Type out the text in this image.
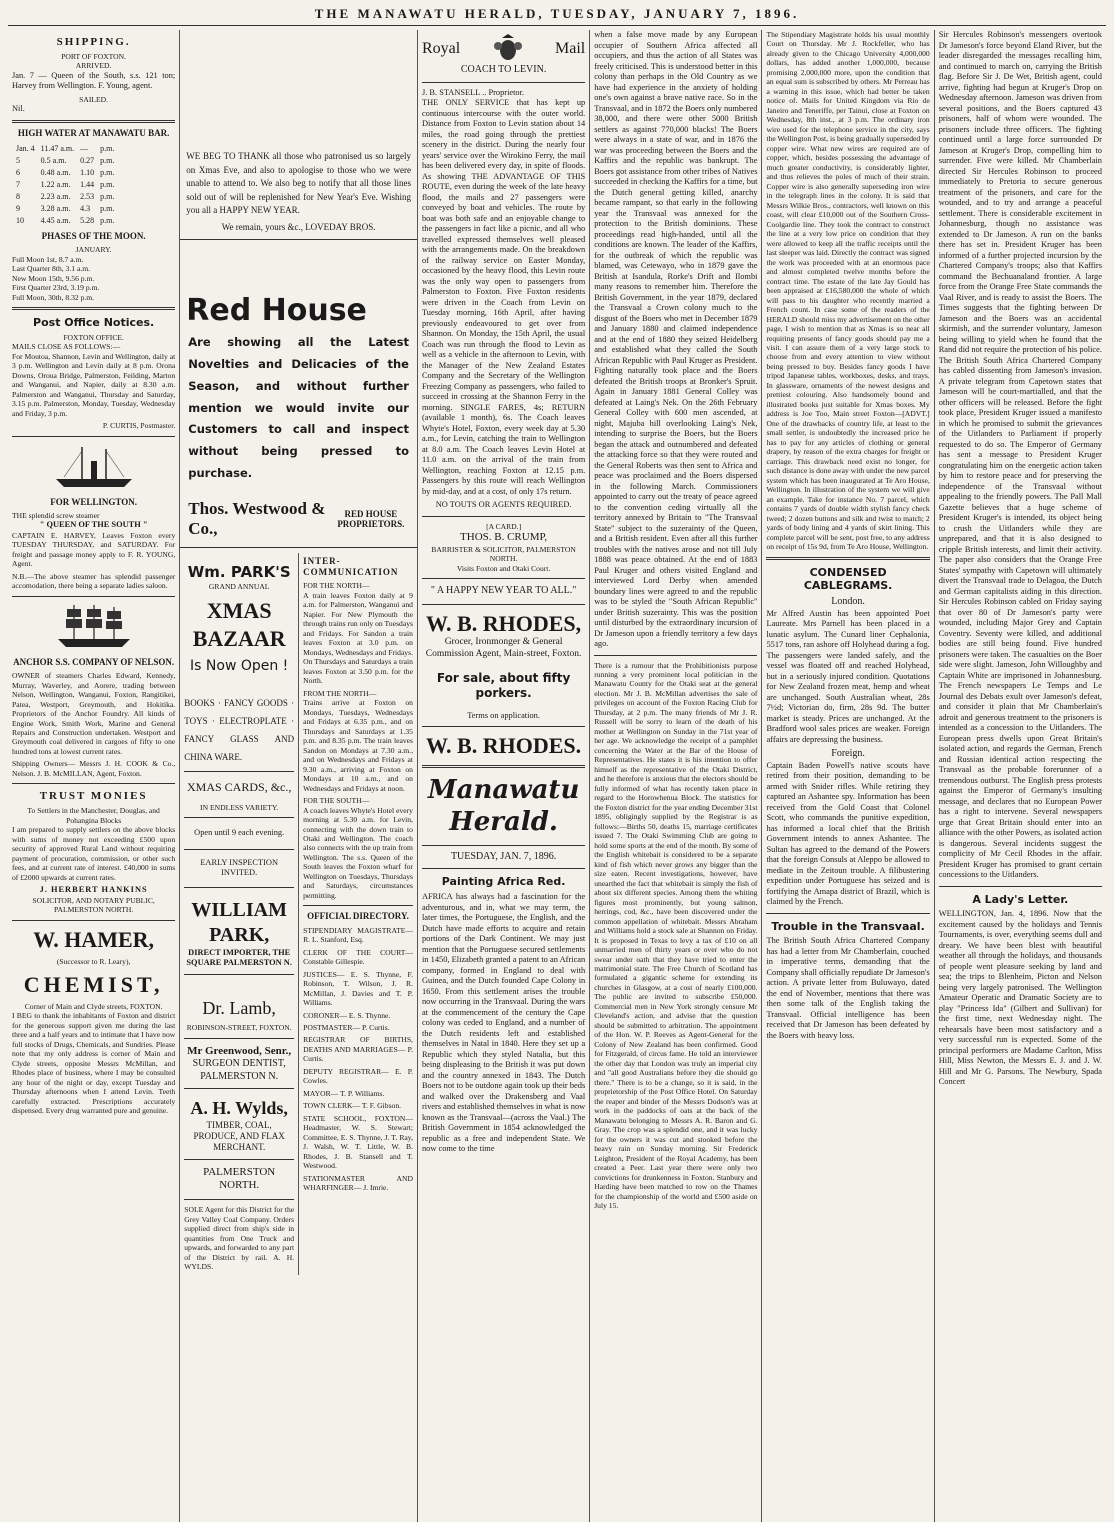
THE MANAWATU HERALD, TUESDAY, JANUARY 7, 1896.
SHIPPING.
PORT OF FOXTON.
ARRIVED.

Jan. 7 — Queen of the South, s.s. 121 ton; Harvey from Wellington. F. Young, agent.

SAILED.

Nil.

HIGH WATER AT MANAWATU BAR.
Jan. 4	11.47 a.m.	—	p.m.
5	0.5 a.m.	0.27	p.m.
6	0.48 a.m.	1.10	p.m.
7	1.22 a.m.	1.44	p.m.
8	2.23 a.m.	2.53	p.m.
9	3.28 a.m.	4.3	p.m.
10	4.45 a.m.	5.28	p.m.
PHASES OF THE MOON.
JANUARY.
Full Moon 1st, 8.7 a.m.
Last Quarter 8th, 3.1 a.m.
New Moon 15th, 9.56 p.m.
First Quarter 23rd, 3.19 p.m.
Full Moon, 30th, 8.32 p.m.
Post Office Notices.
FOXTON OFFICE.
MAILS CLOSE AS FOLLOWS:—

For Moutoa, Shannon, Levin and Wellington, daily at 3 p.m. Wellington and Levin daily at 8 p.m. Orona Downs, Oroua Bridge, Palmerston, Feilding, Marton and Wanganui, and Napier, daily at 8.30 a.m. Palmerston and Wanganui, Thursday and Saturday, 3.15 p.m. Palmerston, Monday, Tuesday, Wednesday and Friday, 3 p.m.

P. CURTIS, Postmaster.
FOR WELLINGTON.
THE splendid screw steamer
" QUEEN OF THE SOUTH "

CAPTAIN E. HARVEY, Leaves Foxton every TUESDAY THURSDAY, and SATURDAY. For freight and passage money apply to F. R. YOUNG, Agent.

N.B.—The above steamer has splendid passenger accomodation, there being a separate ladies saloon.

ANCHOR S.S. COMPANY OF NELSON.

OWNER of steamers Charles Edward, Kennedy, Murray, Waverley, and Aorere, trading between Nelson, Wellington, Wanganui, Foxton, Rangitikei, Patea, Westport, Greymouth, and Hokitika. Proprietors of the Anchor Foundry. All kinds of Engine Work, Smith Work, Marine and General Repairs and Construction undertaken. Westport and Greymouth coal delivered in cargoes of fifty to one hundred tons at lowest current rates.

Shipping Owners— Messrs J. H. COOK & Co., Nelson. J. B. McMILLAN, Agent, Foxton.

TRUST MONIES
To Settlers in the Manchester, Douglas, and Pohangina Blocks

I am prepared to supply settlers on the above blocks with sums of money not exceeding £500 upon security of approved Rural Land without requiring payment of procuration, commission, or other such fees, and at current rate of interest. £40,000 in sums of £2000 upwards at current rates.

J. HERBERT HANKINS
SOLICITOR, AND NOTARY PUBLIC, PALMERSTON NORTH.
W. HAMER,
(Successor to R. Leary),
CHEMIST,
Corner of Main and Clyde streets, FOXTON.

I BEG to thank the inhabitants of Foxton and district for the generous support given me during the last three and a half years and to intimate that I have now full stocks of Drugs, Chemicals, and Sundries. Please note that my only address is corner of Main and Clyde streets, opposite Messrs McMillan, and Rhodes place of business, where I may be consulted any hour of the night or day, except Tuesday and Thursday afternoons when I attend Levin. Teeth carefully extracted. Prescriptions accurately dispensed. Every drug warranted pure and genuine.

WE BEG TO THANK all those who patronised us so largely on Xmas Eve, and also to apologise to those who we were unable to attend to. We also beg to notify that all those lines sold out of will be replenished for New Year's Eve. Wishing you all a HAPPY NEW YEAR.

We remain, yours &c., LOVEDAY BROS.
Red House

Are showing all the Latest Novelties and Delicacies of the Season, and without further mention we would invite our Customers to call and inspect without being pressed to purchase.

Thos. Westwood & Co.,
RED HOUSE PROPRIETORS.
Wm. PARK'S
GRAND ANNUAL
XMAS BAZAAR
Is Now Open !

BOOKS · FANCY GOODS · TOYS · ELECTROPLATE · FANCY GLASS AND CHINA WARE.

XMAS CARDS, &c.,
IN ENDLESS VARIETY.
Open until 9 each evening.
EARLY INSPECTION INVITED.
WILLIAM PARK,
DIRECT IMPORTER, THE SQUARE PALMERSTON N.
Dr. Lamb,
ROBINSON-STREET, FOXTON.
Mr Greenwood, Senr.,
SURGEON DENTIST, PALMERSTON N.
A. H. Wylds,
TIMBER, COAL, PRODUCE, AND FLAX MERCHANT.
PALMERSTON NORTH.

SOLE Agent for this District for the Grey Valley Coal Company. Orders supplied direct from ship's side in quantities from One Truck and upwards, and forwarded to any part of the District by rail. A. H. WYLDS.

INTER-COMMUNICATION
FOR THE NORTH—

A train leaves Foxton daily at 9 a.m. for Palmerston, Wanganui and Napier. For New Plymouth the through trains run only on Tuesdays and Fridays. For Sandon a train leaves Foxton at 3.0 p.m. on Mondays, Wednesdays and Fridays. On Thursdays and Saturdays a train leaves Foxton at 3.50 p.m. for the North.

FROM THE NORTH—

Trains arrive at Foxton on Mondays, Tuesdays, Wednesdays and Fridays at 6.35 p.m., and on Thursdays and Saturdays at 1.35 p.m. and 8.35 p.m. The train leaves Sandon on Mondays at 7.30 a.m., and on Wednesdays and Fridays at 9.30 a.m., arriving at Foxton on Mondays at 10 a.m., and on Wednesdays and Fridays at noon.

FOR THE SOUTH—

A coach leaves Whyte's Hotel every morning at 5.30 a.m. for Levin, connecting with the down train to Otaki and Wellington. The coach also connects with the up train from Wellington. The s.s. Queen of the South leaves the Foxton wharf for Wellington on Tuesdays, Thursdays and Saturdays, circumstances permitting.

OFFICIAL DIRECTORY.

STIPENDIARY MAGISTRATE— R. L. Stanford, Esq.

CLERK OF THE COURT— Constable Gillespie.

JUSTICES— E. S. Thynne, F. Robinson, T. Wilson, J. R. McMillan, J. Davies and T. P. Williams.

CORONER— E. S. Thynne.

POSTMASTER— P. Curtis.

REGISTRAR OF BIRTHS, DEATHS AND MARRIAGES— P. Curtis.

DEPUTY REGISTRAR— E. P. Cowles.

MAYOR— T. P. Williams.

TOWN CLERK— T. F. Gibson.

STATE SCHOOL, FOXTON— Headmaster, W. S. Stewart; Committee, E. S. Thynne, J. T. Ray, J. Walsh, W. T. Little, W. B. Rhodes, J. B. Stansell and T. Westwood.

STATIONMASTER AND WHARFINGER— J. Imrie.

Royal	Mail
COACH TO LEVIN.
J. B. STANSELL .. Proprietor.

THE ONLY SERVICE that has kept up continuous intercourse with the outer world. Distance from Foxton to Levin station about 14 miles, the road going through the prettiest scenery in the district. During the nearly four years' service over the Wirokino Ferry, the mail has been delivered every day, in spite of floods. As showing THE ADVANTAGE OF THIS ROUTE, even during the week of the late heavy flood, the mails and 27 passengers were conveyed by boat and vehicles. The route by boat was both safe and an enjoyable change to the passengers in fact like a picnic, and all who travelled expressed themselves well pleased with the arrangements made. On the breakdown of the railway service on Easter Monday, occasioned by the heavy flood, this Levin route was the only way open to passengers from Palmerston to Foxton. Five Foxton residents were driven in the Coach from Levin on Tuesday morning, 16th April, after having previously endeavoured to get over from Shannon. On Monday, the 15th April, the usual Coach was run through the flood to Levin as well as a vehicle in the afternoon to Levin, with the Manager of the New Zealand Estates Company and the Secretary of the Wellington Freezing Company as passengers, who failed to succeed in crossing at the Shannon Ferry in the morning. SINGLE FARES, 4s; RETURN (available 1 month), 6s. The Coach leaves Whyte's Hotel, Foxton, every week day at 5.30 a.m., for Levin, catching the train to Wellington at 8.0 a.m. The Coach leaves Levin Hotel at 11.0 a.m. on the arrival of the train from Wellington, reaching Foxton at 12.15 p.m. Passengers by this route will reach Wellington by mid-day, and at a cost, of only 17s return.

NO TOUTS OR AGENTS REQUIRED.
[A CARD.]
THOS. B. CRUMP,
BARRISTER & SOLICITOR, PALMERSTON NORTH.
Visits Foxton and Otaki Court.
" A HAPPY NEW YEAR TO ALL."
W. B. RHODES,
Grocer, Ironmonger & General Commission Agent, Main-street, Foxton.
For sale, about fifty porkers.
Terms on application.
W. B. RHODES.
Manawatu Herald.
TUESDAY, JAN. 7, 1896.
Painting Africa Red.

AFRICA has always had a fascination for the adventurous, and in, what we may term, the later times, the Portuguese, the English, and the Dutch have made efforts to acquire and retain portions of the Dark Continent. We may just mention that the Portuguese secured settlements in 1450, Elizabeth granted a patent to an African company, formed in England to deal with Guinea, and the Dutch founded Cape Colony in 1650. From this settlement arises the trouble now occurring in the Transvaal. During the wars at the commencement of the century the Cape colony was ceded to England, and a number of the Dutch residents left and established themselves in Natal in 1840. Here they set up a Republic which they styled Natalia, but this being displeasing to the British it was put down and the country annexed in 1843. The Dutch Boers not to be outdone again took up their beds and walked over the Drakensberg and Vaal rivers and established themselves in what is now known as the Transvaal—(across the Vaal.) The British Government in 1854 acknowledged the republic as a free and independent State. We now come to the time

when a false move made by any European occupier of Southern Africa affected all occupiers, and thus the action of all States was freely criticised. This is understood better in this colony than perhaps in the Old Country as we have had experience in the anxiety of holding one's own against a brave native race. So in the Transvaal, and in 1872 the Boers only numbered 38,000, and there were other 5000 British settlers as against 770,000 blacks! The Boers were always in a state of war, and in 1876 the war was proceeding between the Boers and the Kaffirs and the republic was bankrupt. The Boers got assistance from other tribes of Natives succeeded in checking the Kaffirs for a time, but the Dutch general getting killed, anarchy became rampant, so that early in the following year the Transvaal was annexed for the protection to the British dominions. These proceedings read high-handed, until all the conditions are known. The leader of the Kaffirs, for the outbreak of which the republic was blamed, was Cetewayo, who in 1879 gave the British at Isandula, Rorke's Drift and Ilombi many reasons to remember him. Therefore the British Government, in the year 1879, declared the Transvaal a Crown colony much to the disgust of the Boers who met in December 1879 and January 1880 and claimed independence and at the end of 1880 they seized Heidelberg and established what they called the South African Republic with Paul Kruger as President. Fighting naturally took place and the Boers defeated the British troops at Bronker's Spruit. Again in January 1881 General Colley was defeated at Laing's Nek. On the 26th February General Colley with 600 men ascended, at night, Majuba hill overlooking Laing's Nek, intending to surprise the Boers, but the Boers began the attack and outnumbered and defeated the attacking force so that they were routed and the General Roberts was then sent to Africa and peace was proclaimed and the Boers dispersed in the following March. Commissioners appointed to carry out the treaty of peace agreed to the convention ceding virtually all the territory annexed by Britain to "The Transvaal State" subject to the suzerainty of the Queen, and a British resident. Even after all this further troubles with the natives arose and not till July 1888 was peace obtained. At the end of 1883 Paul Kruger and others visited England and interviewed Lord Derby when amended boundary lines were agreed to and the republic was to be styled the "South African Republic" under British suzerainty. This was the position until disturbed by the extraordinary incursion of Dr Jameson upon a friendly territory a few days ago.

There is a rumour that the Prohibitionists purpose running a very prominent local politician in the Manawatu County for the Otaki seat at the general election. Mr J. B. McMillan advertises the sale of privileges on account of the Foxton Racing Club for Thursday, at 2 p.m. The many friends of Mr J. R. Russell will be sorry to learn of the death of his mother at Wellington on Sunday in the 71st year of her age. We acknowledge the receipt of a pamphlet concerning the Water at the Bar of the House of Representatives. He states it is his intention to offer himself as the representative of the Otaki District, and he therefore is anxious that the electors should be fully informed of what has recently taken place in regard to the Horowhenua Block. The statistics for the Foxton district for the year ending December 31st 1895, obligingly supplied by the Registrar is as follows:—Births 50, deaths 15, marriage certificates issued 7. The Otaki Swimming Club are going to hold some sports at the end of the month. By some of the English whitebait is considered to be a separate kind of fish which never grows any bigger than the size eaten. Recent investigations, however, have unearthed the fact that whitebait is simply the fish of about six different species. Among them the whiting figures most prominently, but young salmon, herrings, cod, &c., have been discovered under the common appellation of whitebait. Messrs Abraham and Williams hold a stock sale at Shannon on Friday. It is proposed in Texas to levy a tax of £10 on all unmarried men of thirty years or over who do not swear under oath that they have tried to enter the matrimonial state. The Free Church of Scotland has formulated a gigantic scheme for extending its churches in Glasgow, at a cost of nearly £100,000. The public are invited to subscribe £50,000. Commercial men in New York strongly censure Mr Cleveland's action, and advise that the question should be submitted to arbitration. The appointment of the Hon. W. P. Reeves as Agent-General for the Colony of New Zealand has been confirmed. Good for Fitzgerald, of circus fame. He told an interviewer the other day that London was truly an imperial city and "all good Australians before they die should go there." There is to be a change, so it is said, in the proprietorship of the Post Office Hotel. On Saturday the reaper and binder of the Messrs Dodson's was at work in the paddocks of oats at the back of the Manawatu belonging to Messrs A. R. Baron and G. Gray. The crop was a splendid one, and it was lucky for the owners it was cut and stooked before the heavy rain on Sunday morning. Sir Frederick Leighton, President of the Royal Academy, has been created a Peer. Last year there were only two convictions for drunkenness in Foxton. Stanbury and Harding have been matched to row on the Thames for the championship of the world and £500 aside on July 15.

The Stipendiary Magistrate holds his usual monthly Court on Thursday. Mr J. Rockfeller, who has already given to the Chicago University 4,000,000 dollars, has added another 1,000,000, because promising 2,000,000 more, upon the condition that an equal sum is subscribed by others. Mr Perreau has a warning in this issue, which had better be taken notice of. Mails for United Kingdom via Rio de Janeiro and Teneriffe, per Tainui, close at Foxton on Wednesday, 8th inst., at 3 p.m. The ordinary iron wire used for the telephone service in the city, says the Wellington Post, is being gradually superseded by copper wire. What new wires are required are of copper, which, besides possessing the advantage of much greater conductivity, is considerably lighter, and thus relieves the poles of much of their strain. Copper wire is also generally superseding iron wire in the telegraph lines in the colony. It is said that Messrs Wilkie Bros., contractors, well known on this coast, will clear £10,000 out of the Southern Cross-Coolgardie line. They took the contract to construct the line at a very low price on condition that they were allowed to keep all the traffic receipts until the last sleeper was laid. Directly the contract was signed the work was proceeded with at an enormous pace and almost completed twelve months before the contract time. The estate of the late Jay Gould has been appraised at £16,580,000 the whole of which will pass to his daughter who recently married a French count. In case some of the readers of the HERALD should miss my advertisement on the other page, I wish to mention that as Xmas is so near all requiring presents of fancy goods should pay me a visit. I can assure them of a very large stock to choose from and every attention to view without being pressed to buy. Besides fancy goods I have tripod Japanese tables, workboxes, desks, and trays. In glassware, ornaments of the newest designs and prettiest colouring. Also handsomely bound and illustrated books just suitable for Xmas boxes. My address is Joe Too, Main street Foxton—[ADVT.] One of the drawbacks of country life, at least to the small settler, is undoubtedly the increased price he has to pay for any articles of clothing or general drapery, by reason of the extra charges for freight or carriage. This drawback need exist no longer, for such distance is done away with under the new parcel system which has been inaugurated at Te Aro House, Wellington. In illustration of the system we will give an example. Take for instance No. 7 parcel, which contains 7 yards of double width stylish fancy check tweed; 2 dozen buttons and silk and twist to match; 2 yards of body lining and 4 yards of skirt lining. This complete parcel will be sent, post free, to any address on receipt of 15s 9d, from Te Aro House, Wellington.

CONDENSED CABLEGRAMS.
London.

Mr Alfred Austin has been appointed Poet Laureate. Mrs Parnell has been placed in a lunatic asylum. The Cunard liner Cephalonia, 5517 tons, ran ashore off Holyhead during a fog. The passengers were landed safely, and the vessel was floated off and reached Holyhead, but in a seriously injured condition. Quotations for New Zealand frozen meat, hemp and wheat are unchanged. South Australian wheat, 28s 7½d; Victorian do, firm, 28s 9d. The butter market is steady. Prices are unchanged. At the Bradford wool sales prices are weaker. Foreign affairs are depressing the business.

Foreign.

Captain Baden Powell's native scouts have retired from their position, demanding to be armed with Snider rifles. While retiring they captured an Ashantee spy. Information has been received from the Gold Coast that Colonel Scott, who commands the punitive expedition, has informed a local chief that the British Government intends to annex Ashantee. The Sultan has agreed to the demand of the Powers that the foreign Consuls at Aleppo be allowed to mediate in the Zeitoun trouble. A filibustering expedition under Portuguese has seized and is fortifying the Amapa district of Brazil, which is claimed by the French.

Trouble in the Transvaal.

The British South Africa Chartered Company has had a letter from Mr Chamberlain, couched in imperative terms, demanding that the Company shall officially repudiate Dr Jameson's action. A private letter from Buluwayo, dated the end of November, mentions that there was then some talk of the English taking the Transvaal. Official intelligence has been received that Dr Jameson has been defeated by the Boers with heavy loss.

Sir Hercules Robinson's messengers overtook Dr Jameson's force beyond Eland River, but the leader disregarded the messages recalling him, and continued to march on, carrying the British flag. Before Sir J. De Wet, British agent, could arrive, fighting had begun at Kruger's Drop on Wednesday afternoon. Jameson was driven from several positions, and the Boers captured 43 prisoners, half of whom were wounded. The prisoners include three officers. The fighting continued until a large force surrounded Dr Jameson at Kruger's Drop, compelling him to surrender. Five were killed. Mr Chamberlain directed Sir Hercules Robinson to proceed immediately to Pretoria to secure generous treatment of the prisoners, and care for the wounded, and to try and arrange a peaceful settlement. There is considerable excitement in Johannesburg, though no assistance was extended to Dr Jameson. A run on the banks there has set in. President Kruger has been informed of a further projected incursion by the Chartered Company's troops; also that Kaffirs command the Bechuanaland frontier. A large force from the Orange Free State commands the Vaal River, and is ready to assist the Boers. The Times suggests that the fighting between Dr Jameson and the Boers was an accidental skirmish, and the surrender voluntary, Jameson being willing to yield when he found that the Rand did not require the protection of his police. The British South Africa Chartered Company has cabled dissenting from Jameson's invasion. A private telegram from Capetown states that Jameson will be court-martialled, and that the other officers will be released. Before the fight took place, President Kruger issued a manifesto in which he promised to submit the grievances of the Uitlanders to Parliament if properly requested to do so. The Emperor of Germany has sent a message to President Kruger congratulating him on the energetic action taken by him to restore peace and for preserving the independence of the Transvaal without appealing to the friendly powers. The Pall Mall Gazette believes that a huge scheme of President Kruger's is intended, its object being to crush the Uitlanders while they are unprepared, and that it is also designed to cripple British interests, and limit their activity. The paper also considers that the Orange Free States' sympathy with Capetown will ultimately divert the Transvaal trade to Delagoa, the Dutch and German capitalists aiding in this direction. Sir Hercules Robinson cabled on Friday saying that over 80 of Dr Jameson's party were wounded, including Major Grey and Captain Coventry. Seventy were killed, and additional bodies are still being found. Five hundred prisoners were taken. The casualties on the Boer side were slight. Jameson, John Willoughby and Captain White are imprisoned in Johannesburg. The French newspapers Le Temps and Le Journal des Debats exult over Jameson's defeat, and consider it plain that Mr Chamberlain's adroit and generous treatment to the prisoners is intended as a concession to the Uitlanders. The European press dwells upon Great Britain's isolated action, and regards the German, French and Russian identical action respecting the Transvaal as the probable forerunner of a tremendous outburst. The English press protests against the Emperor of Germany's insulting message, and declares that no European Power has a right to intervene. Several newspapers urge that Great Britain should enter into an alliance with the other Powers, as isolated action is dangerous. Several incidents suggest the complicity of Mr Cecil Rhodes in the affair. President Kruger has promised to grant certain concessions to the Uitlanders.

A Lady's Letter.

WELLINGTON, Jan. 4, 1896. Now that the excitement caused by the holidays and Tennis Tournaments, is over, everything seems dull and dreary. We have been blest with beautiful weather all through the holidays, and thousands of people went pleasure seeking by land and sea; the trips to Blenheim, Picton and Nelson being very largely patronised. The Wellington Amateur Operatic and Dramatic Society are to play "Princess Ida" (Gilbert and Sullivan) for the first time, next Wednesday night. The rehearsals have been most satisfactory and a very successful run is expected. Some of the principal performers are Madame Carlton, Miss Hill, Miss Newton, the Messrs E. J. and J. W. Hill and Mr G. Parsons. The Newbury, Spada Concert
